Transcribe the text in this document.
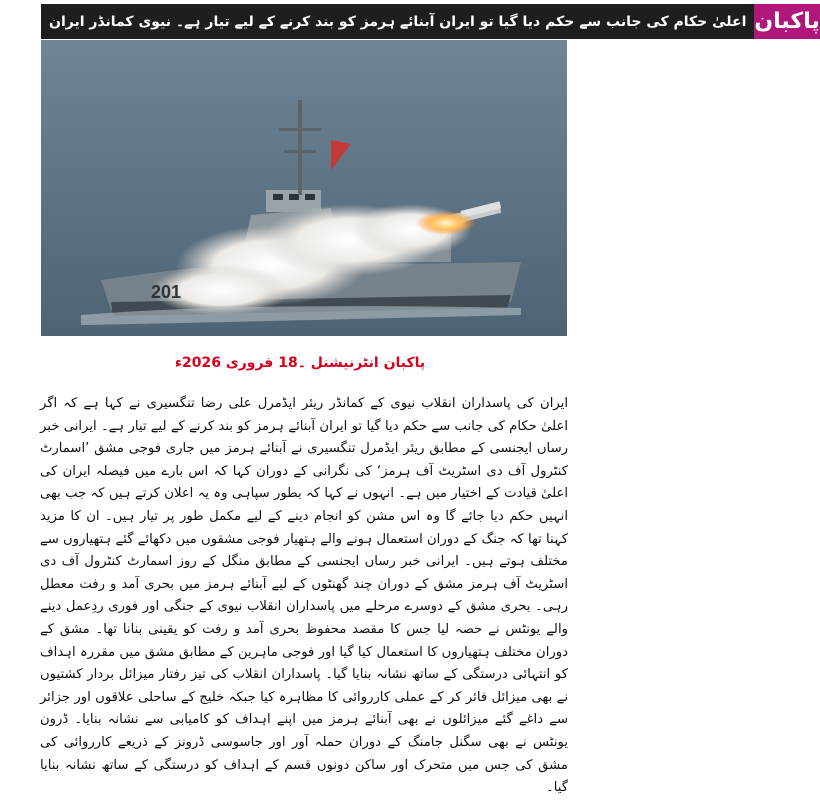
اعلیٰ حکام کی جانب سے حکم دیا گیا تو ایران آبنائے ہرمز کو بند کرنے کے لیے تیار ہے۔ نیوی کمانڈر ایران پاکبان
201
پاکبان انٹرنیشنل ۔18 فروری 2026ء

ایران کی پاسداران انقلاب نیوی کے کمانڈر ریئر ایڈمرل علی رضا تنگسیری نے کہا ہے کہ اگر اعلیٰ حکام کی جانب سے حکم دیا گیا تو ایران آبنائے ہرمز کو بند کرنے کے لیے تیار ہے۔ ایرانی خبر رساں ایجنسی کے مطابق ریئر ایڈمرل تنگسیری نے آبنائے ہرمز میں جاری فوجی مشق ’اسمارٹ کنٹرول آف دی اسٹریٹ آف ہرمز‘ کی نگرانی کے دوران کہا کہ اس بارے میں فیصلہ ایران کی اعلیٰ قیادت کے اختیار میں ہے۔ انہوں نے کہا کہ بطور سپاہی وہ یہ اعلان کرتے ہیں کہ جب بھی انہیں حکم دیا جائے گا وہ اس مشن کو انجام دینے کے لیے مکمل طور پر تیار ہیں۔ ان کا مزید کہنا تھا کہ جنگ کے دوران استعمال ہونے والے ہتھیار فوجی مشقوں میں دکھائے گئے ہتھیاروں سے مختلف ہوتے ہیں۔ ایرانی خبر رساں ایجنسی کے مطابق منگل کے روز اسمارٹ کنٹرول آف دی اسٹریٹ آف ہرمز مشق کے دوران چند گھنٹوں کے لیے آبنائے ہرمز میں بحری آمد و رفت معطل رہی۔ بحری مشق کے دوسرے مرحلے میں پاسداران انقلاب نیوی کے جنگی اور فوری ردِعمل دینے والے یونٹس نے حصہ لیا جس کا مقصد محفوظ بحری آمد و رفت کو یقینی بنانا تھا۔ مشق کے دوران مختلف ہتھیاروں کا استعمال کیا گیا اور فوجی ماہرین کے مطابق مشق میں مقررہ اہداف کو انتہائی درستگی کے ساتھ نشانہ بنایا گیا۔ پاسداران انقلاب کی تیز رفتار میزائل بردار کشتیوں نے بھی میزائل فائر کر کے عملی کارروائی کا مظاہرہ کیا جبکہ خلیج کے ساحلی علاقوں اور جزائر سے داغے گئے میزائلوں نے بھی آبنائے ہرمز میں اپنے اہداف کو کامیابی سے نشانہ بنایا۔ ڈرون یونٹس نے بھی سگنل جامنگ کے دوران حملہ آور اور جاسوسی ڈرونز کے ذریعے کارروائی کی مشق کی جس میں متحرک اور ساکن دونوں قسم کے اہداف کو درستگی کے ساتھ نشانہ بنایا گیا۔
